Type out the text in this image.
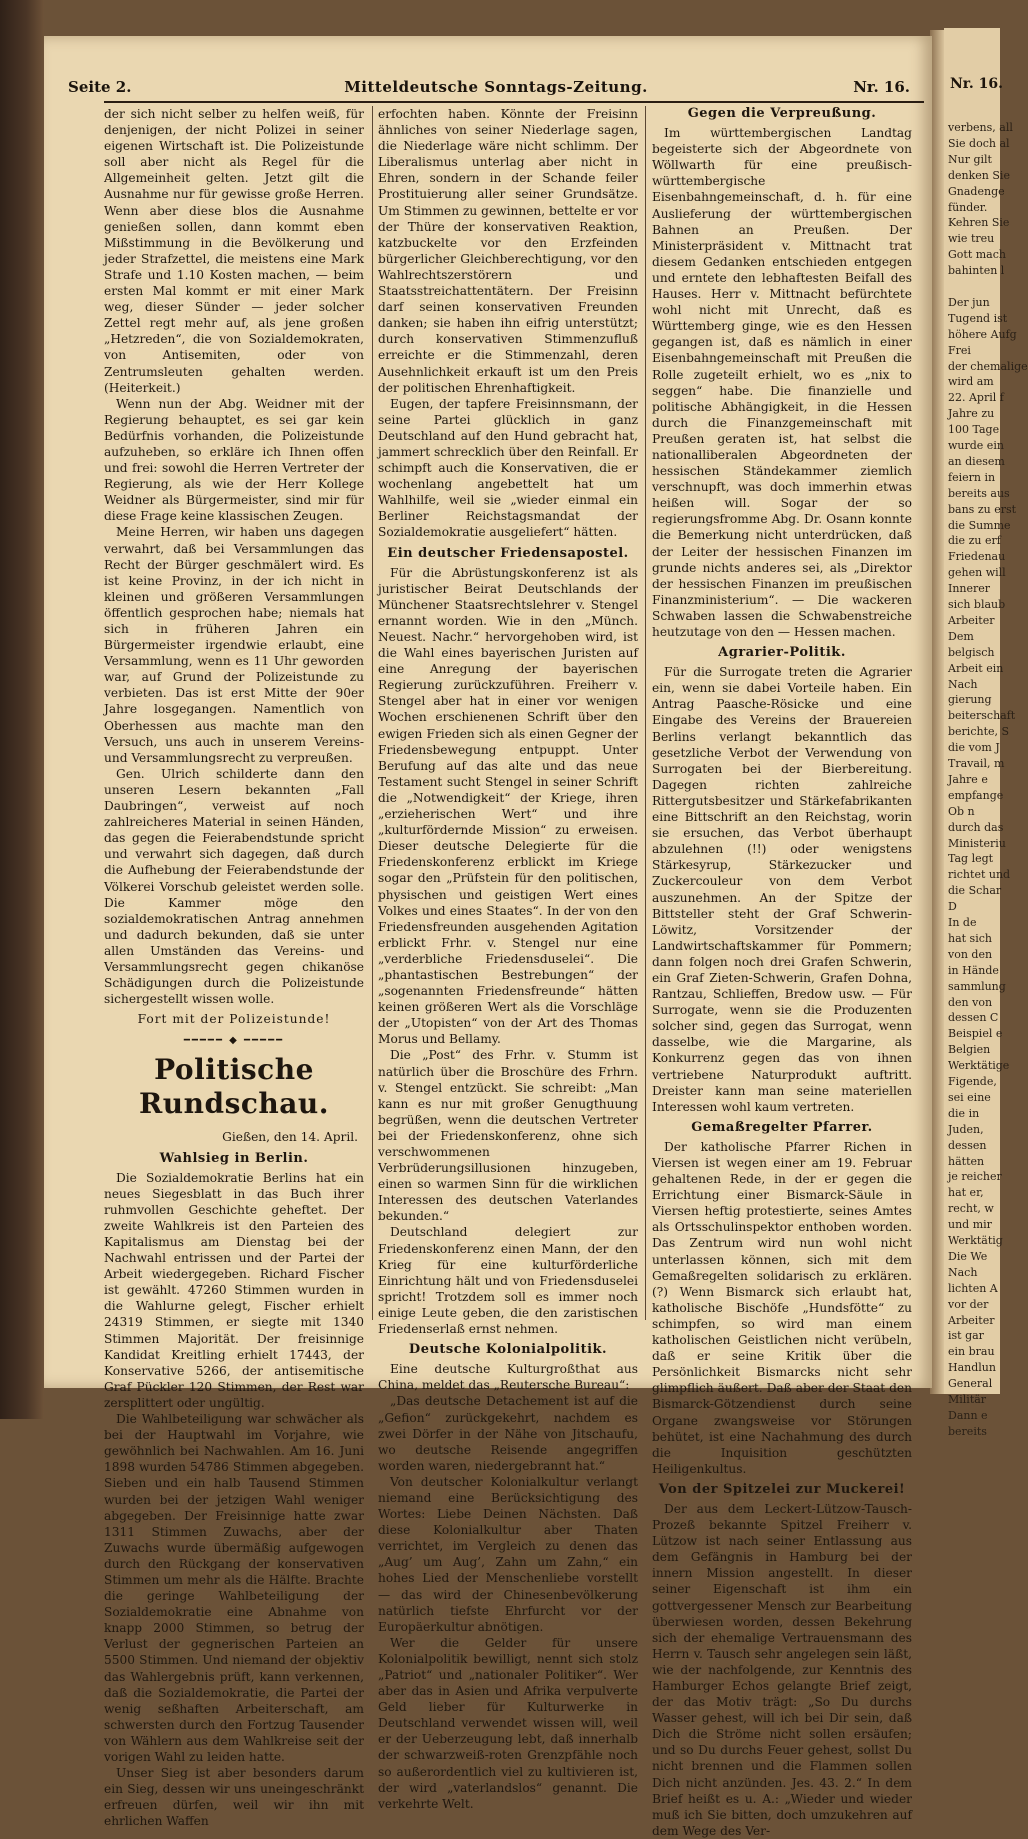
Seite 2.	Mitteldeutsche Sonntags-Zeitung.	Nr. 16.

der sich nicht selber zu helfen weiß, für denjenigen, der nicht Polizei in seiner eigenen Wirtschaft ist. Die Polizeistunde soll aber nicht als Regel für die Allgemeinheit gelten. Jetzt gilt die Ausnahme nur für gewisse große Herren. Wenn aber diese blos die Ausnahme genießen sollen, dann kommt eben Mißstimmung in die Bevölkerung und jeder Strafzettel, die meistens eine Mark Strafe und 1.10 Kosten machen, — beim ersten Mal kommt er mit einer Mark weg, dieser Sünder — jeder solcher Zettel regt mehr auf, als jene großen „Hetzreden“, die von Sozialdemokraten, von Antisemiten, oder von Zentrumsleuten gehalten werden. (Heiterkeit.)

Wenn nun der Abg. Weidner mit der Regierung behauptet, es sei gar kein Bedürfnis vorhanden, die Polizeistunde aufzuheben, so erkläre ich Ihnen offen und frei: sowohl die Herren Vertreter der Regierung, als wie der Herr Kollege Weidner als Bürgermeister, sind mir für diese Frage keine klassischen Zeugen.

Meine Herren, wir haben uns dagegen verwahrt, daß bei Versammlungen das Recht der Bürger geschmälert wird. Es ist keine Provinz, in der ich nicht in kleinen und größeren Versammlungen öffentlich gesprochen habe; niemals hat sich in früheren Jahren ein Bürgermeister irgendwie erlaubt, eine Versammlung, wenn es 11 Uhr geworden war, auf Grund der Polizeistunde zu verbieten. Das ist erst Mitte der 90er Jahre losgegangen. Namentlich von Oberhessen aus machte man den Versuch, uns auch in unserem Vereins- und Versammlungsrecht zu verpreußen.

Gen. Ulrich schilderte dann den unseren Lesern bekannten „Fall Daubringen“, verweist auf noch zahlreicheres Material in seinen Händen, das gegen die Feierabendstunde spricht und verwahrt sich dagegen, daß durch die Aufhebung der Feierabendstunde der Völkerei Vorschub geleistet werden solle. Die Kammer möge den sozialdemokratischen Antrag annehmen und dadurch bekunden, daß sie unter allen Umständen das Vereins- und Versammlungsrecht gegen chikanöse Schädigungen durch die Polizeistunde sichergestellt wissen wolle.

Fort mit der Polizeistunde!

━━━━━ ◆ ━━━━━
Politische Rundschau.

Gießen, den 14. April.

Wahlsieg in Berlin.

Die Sozialdemokratie Berlins hat ein neues Siegesblatt in das Buch ihrer ruhmvollen Geschichte geheftet. Der zweite Wahlkreis ist den Parteien des Kapitalismus am Dienstag bei der Nachwahl entrissen und der Partei der Arbeit wiedergegeben. Richard Fischer ist gewählt. 47260 Stimmen wurden in die Wahlurne gelegt, Fischer erhielt 24319 Stimmen, er siegte mit 1340 Stimmen Majorität. Der freisinnige Kandidat Kreitling erhielt 17443, der Konservative 5266, der antisemitische Graf Pückler 120 Stimmen, der Rest war zersplittert oder ungültig.

Die Wahlbeteiligung war schwächer als bei der Hauptwahl im Vorjahre, wie gewöhnlich bei Nachwahlen. Am 16. Juni 1898 wurden 54786 Stimmen abgegeben. Sieben und ein halb Tausend Stimmen wurden bei der jetzigen Wahl weniger abgegeben. Der Freisinnige hatte zwar 1311 Stimmen Zuwachs, aber der Zuwachs wurde übermäßig aufgewogen durch den Rückgang der konservativen Stimmen um mehr als die Hälfte. Brachte die geringe Wahlbeteiligung der Sozialdemokratie eine Abnahme von knapp 2000 Stimmen, so betrug der Verlust der gegnerischen Parteien an 5500 Stimmen. Und niemand der objektiv das Wahlergebnis prüft, kann verkennen, daß die Sozialdemokratie, die Partei der wenig seßhaften Arbeiterschaft, am schwersten durch den Fortzug Tausender von Wählern aus dem Wahlkreise seit der vorigen Wahl zu leiden hatte.

Unser Sieg ist aber besonders darum ein Sieg, dessen wir uns uneingeschränkt erfreuen dürfen, weil wir ihn mit ehrlichen Waffen

erfochten haben. Könnte der Freisinn ähnliches von seiner Niederlage sagen, die Niederlage wäre nicht schlimm. Der Liberalismus unterlag aber nicht in Ehren, sondern in der Schande feiler Prostituierung aller seiner Grundsätze. Um Stimmen zu gewinnen, bettelte er vor der Thüre der konservativen Reaktion, katzbuckelte vor den Erzfeinden bürgerlicher Gleichberechtigung, vor den Wahlrechtszerstörern und Staatsstreichattentätern. Der Freisinn darf seinen konservativen Freunden danken; sie haben ihn eifrig unterstützt; durch konservativen Stimmenzufluß erreichte er die Stimmenzahl, deren Ausehnlichkeit erkauft ist um den Preis der politischen Ehrenhaftigkeit.

Eugen, der tapfere Freisinnsmann, der seine Partei glücklich in ganz Deutschland auf den Hund gebracht hat, jammert schrecklich über den Reinfall. Er schimpft auch die Konservativen, die er wochenlang angebettelt hat um Wahlhilfe, weil sie „wieder einmal ein Berliner Reichstagsmandat der Sozialdemokratie ausgeliefert“ hätten.

Ein deutscher Friedensapostel.

Für die Abrüstungskonferenz ist als juristischer Beirat Deutschlands der Münchener Staatsrechtslehrer v. Stengel ernannt worden. Wie in den „Münch. Neuest. Nachr.“ hervorgehoben wird, ist die Wahl eines bayerischen Juristen auf eine Anregung der bayerischen Regierung zurückzuführen. Freiherr v. Stengel aber hat in einer vor wenigen Wochen erschienenen Schrift über den ewigen Frieden sich als einen Gegner der Friedensbewegung entpuppt. Unter Berufung auf das alte und das neue Testament sucht Stengel in seiner Schrift die „Notwendigkeit“ der Kriege, ihren „erzieherischen Wert“ und ihre „kulturfördernde Mission“ zu erweisen. Dieser deutsche Delegierte für die Friedenskonferenz erblickt im Kriege sogar den „Prüfstein für den politischen, physischen und geistigen Wert eines Volkes und eines Staates“. In der von den Friedensfreunden ausgehenden Agitation erblickt Frhr. v. Stengel nur eine „verderbliche Friedensduselei“. Die „phantastischen Bestrebungen“ der „sogenannten Friedensfreunde“ hätten keinen größeren Wert als die Vorschläge der „Utopisten“ von der Art des Thomas Morus und Bellamy.

Die „Post“ des Frhr. v. Stumm ist natürlich über die Broschüre des Frhrn. v. Stengel entzückt. Sie schreibt: „Man kann es nur mit großer Genugthuung begrüßen, wenn die deutschen Vertreter bei der Friedenskonferenz, ohne sich verschwommenen Verbrüderungsillusionen hinzugeben, einen so warmen Sinn für die wirklichen Interessen des deutschen Vaterlandes bekunden.“

Deutschland delegiert zur Friedenskonferenz einen Mann, der den Krieg für eine kulturförderliche Einrichtung hält und von Friedensduselei spricht! Trotzdem soll es immer noch einige Leute geben, die den zaristischen Friedenserlaß ernst nehmen.

Deutsche Kolonialpolitik.

Eine deutsche Kulturgroßthat aus China, meldet das „Reutersche Bureau“:

„Das deutsche Detachement ist auf die „Gefion“ zurückgekehrt, nachdem es zwei Dörfer in der Nähe von Jitschaufu, wo deutsche Reisende angegriffen worden waren, niedergebrannt hat.“

Von deutscher Kolonialkultur verlangt niemand eine Berücksichtigung des Wortes: Liebe Deinen Nächsten. Daß diese Kolonialkultur aber Thaten verrichtet, im Vergleich zu denen das „Aug’ um Aug’, Zahn um Zahn,“ ein hohes Lied der Menschenliebe vorstellt — das wird der Chinesenbevölkerung natürlich tiefste Ehrfurcht vor der Europäerkultur abnötigen.

Wer die Gelder für unsere Kolonialpolitik bewilligt, nennt sich stolz „Patriot“ und „nationaler Politiker“. Wer aber das in Asien und Afrika verpulverte Geld lieber für Kulturwerke in Deutschland verwendet wissen will, weil er der Ueberzeugung lebt, daß innerhalb der schwarzweiß-roten Grenzpfähle noch so außerordentlich viel zu kultivieren ist, der wird „vaterlandslos“ genannt. Die verkehrte Welt.

Gegen die Verpreußung.

Im württembergischen Landtag begeisterte sich der Abgeordnete von Wöllwarth für eine preußisch-württembergische Eisenbahngemeinschaft, d. h. für eine Auslieferung der württembergischen Bahnen an Preußen. Der Ministerpräsident v. Mittnacht trat diesem Gedanken entschieden entgegen und erntete den lebhaftesten Beifall des Hauses. Herr v. Mittnacht befürchtete wohl nicht mit Unrecht, daß es Württemberg ginge, wie es den Hessen gegangen ist, daß es nämlich in einer Eisenbahngemeinschaft mit Preußen die Rolle zugeteilt erhielt, wo es „nix to seggen“ habe. Die finanzielle und politische Abhängigkeit, in die Hessen durch die Finanzgemeinschaft mit Preußen geraten ist, hat selbst die nationalliberalen Abgeordneten der hessischen Ständekammer ziemlich verschnupft, was doch immerhin etwas heißen will. Sogar der so regierungsfromme Abg. Dr. Osann konnte die Bemerkung nicht unterdrücken, daß der Leiter der hessischen Finanzen im grunde nichts anderes sei, als „Direktor der hessischen Finanzen im preußischen Finanzministerium“. — Die wackeren Schwaben lassen die Schwabenstreiche heutzutage von den — Hessen machen.

Agrarier-Politik.

Für die Surrogate treten die Agrarier ein, wenn sie dabei Vorteile haben. Ein Antrag Paasche-Rösicke und eine Eingabe des Vereins der Brauereien Berlins verlangt bekanntlich das gesetzliche Verbot der Verwendung von Surrogaten bei der Bierbereitung. Dagegen richten zahlreiche Rittergutsbesitzer und Stärkefabrikanten eine Bittschrift an den Reichstag, worin sie ersuchen, das Verbot überhaupt abzulehnen (!!) oder wenigstens Stärkesyrup, Stärkezucker und Zuckercouleur von dem Verbot auszunehmen. An der Spitze der Bittsteller steht der Graf Schwerin-Löwitz, Vorsitzender der Landwirtschaftskammer für Pommern; dann folgen noch drei Grafen Schwerin, ein Graf Zieten-Schwerin, Grafen Dohna, Rantzau, Schlieffen, Bredow usw. — Für Surrogate, wenn sie die Produzenten solcher sind, gegen das Surrogat, wenn dasselbe, wie die Margarine, als Konkurrenz gegen das von ihnen vertriebene Naturprodukt auftritt. Dreister kann man seine materiellen Interessen wohl kaum vertreten.

Gemaßregelter Pfarrer.

Der katholische Pfarrer Richen in Viersen ist wegen einer am 19. Februar gehaltenen Rede, in der er gegen die Errichtung einer Bismarck-Säule in Viersen heftig protestierte, seines Amtes als Ortsschulinspektor enthoben worden. Das Zentrum wird nun wohl nicht unterlassen können, sich mit dem Gemaßregelten solidarisch zu erklären. (?) Wenn Bismarck sich erlaubt hat, katholische Bischöfe „Hundsfötte“ zu schimpfen, so wird man einem katholischen Geistlichen nicht verübeln, daß er seine Kritik über die Persönlichkeit Bismarcks nicht sehr glimpflich äußert. Daß aber der Staat den Bismarck-Götzendienst durch seine Organe zwangsweise vor Störungen behütet, ist eine Nachahmung des durch die Inquisition geschützten Heiligenkultus.

Von der Spitzelei zur Muckerei!

Der aus dem Leckert-Lützow-Tausch-Prozeß bekannte Spitzel Freiherr v. Lützow ist nach seiner Entlassung aus dem Gefängnis in Hamburg bei der innern Mission angestellt. In dieser seiner Eigenschaft ist ihm ein gottvergessener Mensch zur Bearbeitung überwiesen worden, dessen Bekehrung sich der ehemalige Vertrauensmann des Herrn v. Tausch sehr angelegen sein läßt, wie der nachfolgende, zur Kenntnis des Hamburger Echos gelangte Brief zeigt, der das Motiv trägt: „So Du durchs Wasser gehest, will ich bei Dir sein, daß Dich die Ströme nicht sollen ersäufen; und so Du durchs Feuer gehest, sollst Du nicht brennen und die Flammen sollen Dich nicht anzünden. Jes. 43. 2.“ In dem Brief heißt es u. A.: „Wieder und wieder muß ich Sie bitten, doch umzukehren auf dem Wege des Ver-

Nr. 16.
verbens, all
Sie doch al
Nur gilt
denken Sie
Gnadenge
fünder.
Kehren Sie
wie treu
Gott mach
bahinten l
Der jun
Tugend ist
höhere Aufg
Frei
der chemalige
wird am
22. April f
Jahre zu
100 Tage
wurde ein
an diesem
feiern in
bereits aus
bans zu erst
die Summe
die zu erf
Friedenau
gehen will
Innerer
sich blaub
Arbeiter
Dem
belgisch
Arbeit ein
Nach
gierung
beiterschaft
berichte, S
die vom J
Travail, m
Jahre e
empfange
Ob n
durch das
Ministeriu
Tag legt
richtet und
die Schar
D
In de
hat sich
von den
in Hände
sammlung
den von
dessen C
Beispiel e
Belgien
Werktätige
Figende,
sei eine
die in
Juden,
dessen
hätten
je reicher
hat er,
recht, w
und mir
Werktätig
Die We
Nach
lichten A
vor der
Arbeiter
ist gar
ein brau
Handlun
General
Militär
Dann e
bereits
